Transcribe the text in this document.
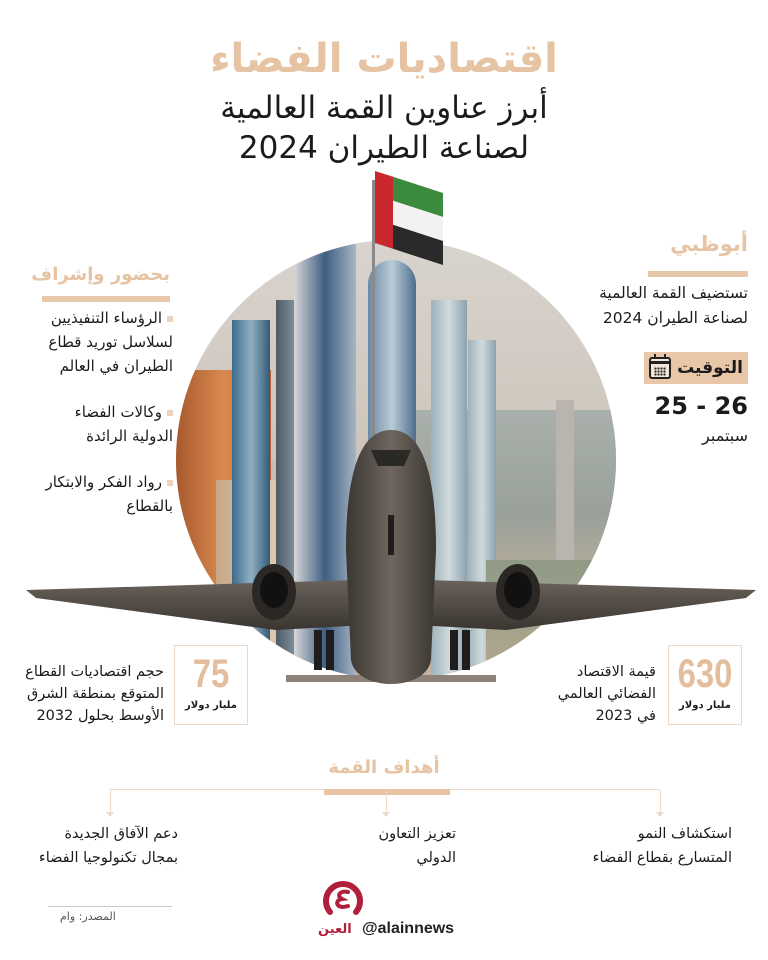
اقتصاديات الفضاء
أبرز عناوين القمة العالمية
لصناعة الطيران 2024
أبوظبي
تستضيف القمة العالمية
لصناعة الطيران 2024
التوقيت
25 - 26
سبتمبر
بحضور وإشراف
الرؤساء التنفيذيين
لسلاسل توريد قطاع
الطيران في العالم
وكالات الفضاء
الدولية الرائدة
رواد الفكر والابتكار
بالقطاع
75
مليار دولار
حجم اقتصاديات القطاع
المتوقع بمنطقة الشرق
الأوسط بحلول 2032
630
مليار دولار
قيمة الاقتصاد
الفضائي العالمي
في 2023
أهداف القمة
استكشاف النمو
المتسارع بقطاع الفضاء
تعزيز التعاون
الدولي
دعم الآفاق الجديدة
بمجال تكنولوجيا الفضاء
المصدر: وام
العين @alainnews
